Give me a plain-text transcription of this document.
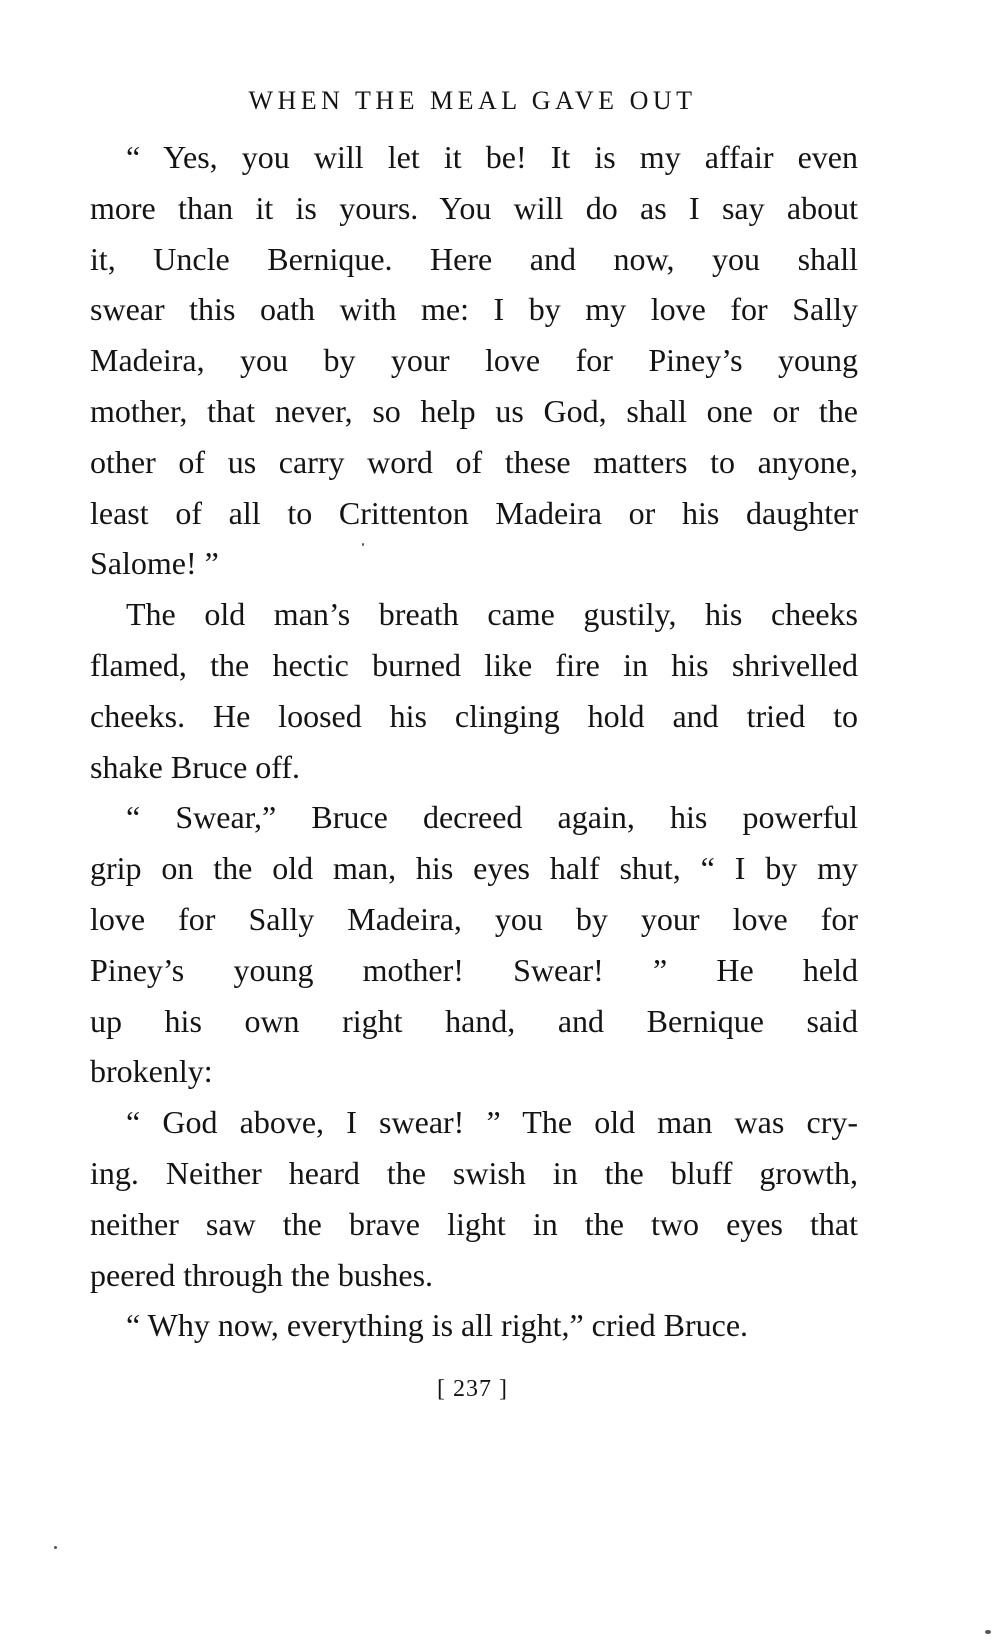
WHEN THE MEAL GAVE OUT
“ Yes, you will let it be! It is my affair even
more than it is yours. You will do as I say about
it, Uncle Bernique. Here and now, you shall
swear this oath with me: I by my love for Sally
Madeira, you by your love for Piney’s young
mother, that never, so help us God, shall one or the
other of us carry word of these matters to anyone,
least of all to Crittenton Madeira or his daughter
Salome! ”
The old man’s breath came gustily, his cheeks
flamed, the hectic burned like fire in his shrivelled
cheeks. He loosed his clinging hold and tried to
shake Bruce off.
“ Swear,” Bruce decreed again, his powerful
grip on the old man, his eyes half shut, “ I by my
love for Sally Madeira, you by your love for
Piney’s young mother! Swear! ” He held
up his own right hand, and Bernique said
brokenly:
“ God above, I swear! ” The old man was cry-
ing. Neither heard the swish in the bluff growth,
neither saw the brave light in the two eyes that
peered through the bushes.
“ Why now, everything is all right,” cried Bruce.
[ 237 ]
